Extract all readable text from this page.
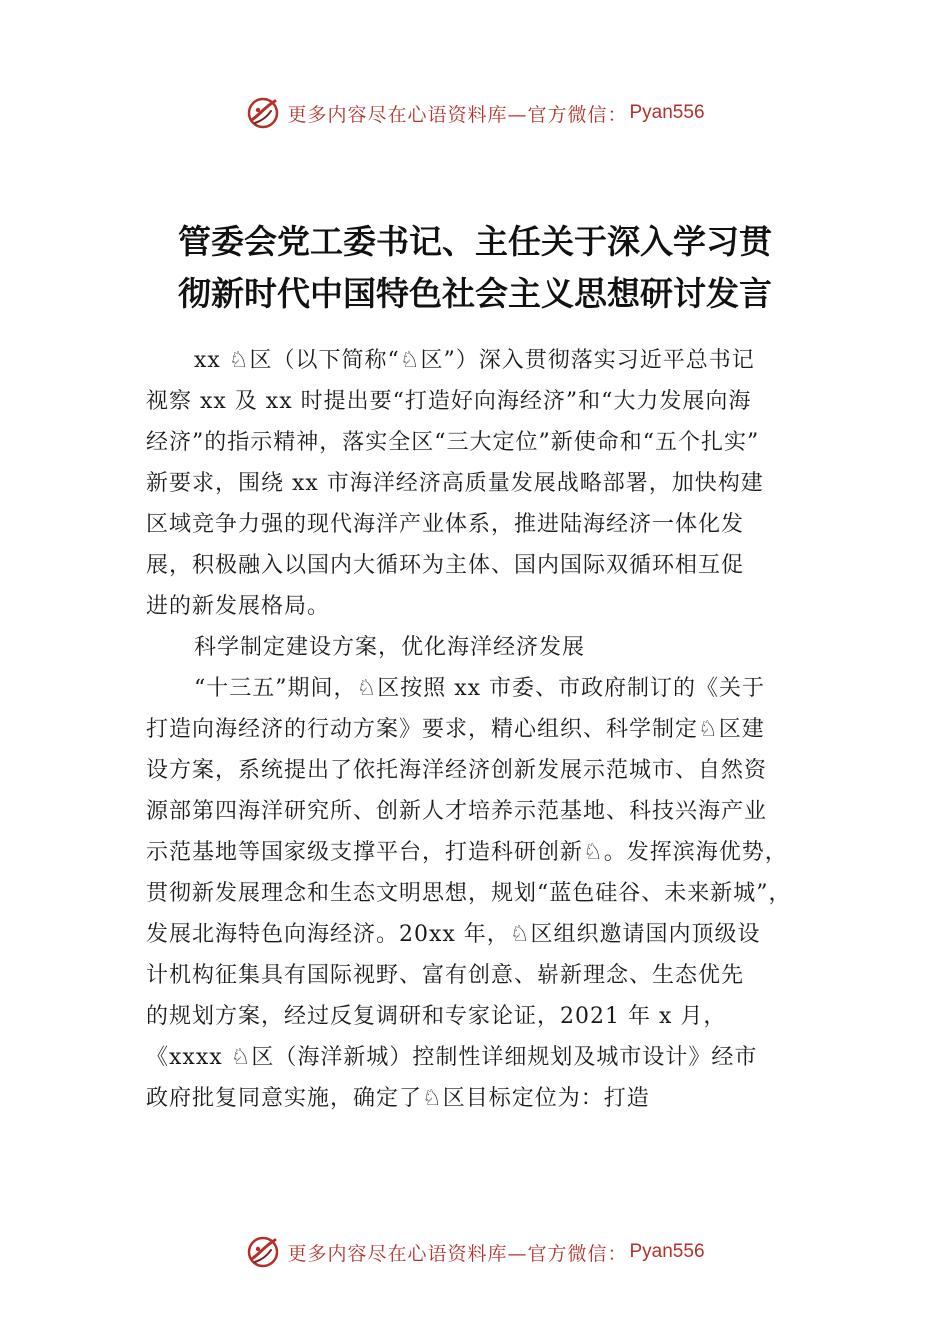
更多内容尽在心语资料库—官方微信： Pyan556
管委会党工委书记、主任关于深入学习贯
彻新时代中国特色社会主义思想研讨发言
xx ♘区（以下简称“♘区”）深入贯彻落实习近平总书记
视察 xx 及 xx 时提出要“打造好向海经济”和“大力发展向海
经济”的指示精神，落实全区“三大定位”新使命和“五个扎实”
新要求，围绕 xx 市海洋经济高质量发展战略部署，加快构建
区域竞争力强的现代海洋产业体系，推进陆海经济一体化发
展，积极融入以国内大循环为主体、国内国际双循环相互促
进的新发展格局。
科学制定建设方案，优化海洋经济发展
“十三五”期间，♘区按照 xx 市委、市政府制订的《关于
打造向海经济的行动方案》要求，精心组织、科学制定♘区建
设方案，系统提出了依托海洋经济创新发展示范城市、自然资
源部第四海洋研究所、创新人才培养示范基地、科技兴海产业
示范基地等国家级支撑平台，打造科研创新♘。发挥滨海优势，
贯彻新发展理念和生态文明思想，规划“蓝色硅谷、未来新城”，
发展北海特色向海经济。20xx 年，♘区组织邀请国内顶级设
计机构征集具有国际视野、富有创意、崭新理念、生态优先
的规划方案，经过反复调研和专家论证，2021 年 x 月，
《xxxx ♘区（海洋新城）控制性详细规划及城市设计》经市
政府批复同意实施，确定了♘区目标定位为：打造
更多内容尽在心语资料库—官方微信： Pyan556
